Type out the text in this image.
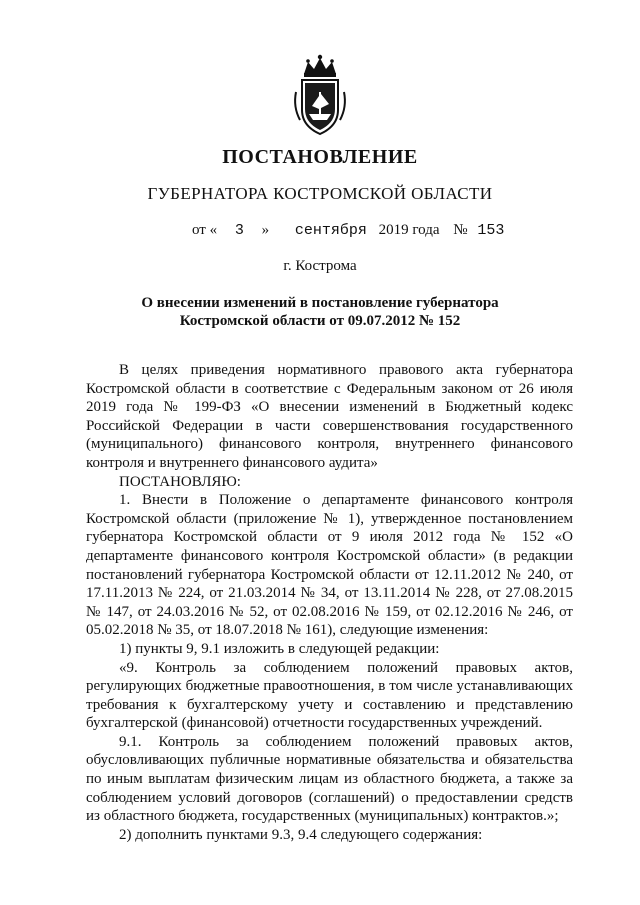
ПОСТАНОВЛЕНИЕ
ГУБЕРНАТОРА КОСТРОМСКОЙ ОБЛАСТИ
от « 3 » сентября 2019 года № 153
г. Кострома
О внесении изменений в постановление губернатора
Костромской области от 09.07.2012 № 152

В целях приведения нормативного правового акта губернатора Костромской области в соответствие с Федеральным законом от 26 июля 2019 года № 199-ФЗ «О внесении изменений в Бюджетный кодекс Российской Федерации в части совершенствования государственного (муниципального) финансового контроля, внутреннего финансового контроля и внутреннего финансового аудита»

ПОСТАНОВЛЯЮ:

1. Внести в Положение о департаменте финансового контроля Костромской области (приложение № 1), утвержденное постановлением губернатора Костромской области от 9 июля 2012 года № 152 «О департаменте финансового контроля Костромской области» (в редакции постановлений губернатора Костромской области от 12.11.2012 № 240, от 17.11.2013 № 224, от 21.03.2014 № 34, от 13.11.2014 № 228, от 27.08.2015 № 147, от 24.03.2016 № 52, от 02.08.2016 № 159, от 02.12.2016 № 246, от 05.02.2018 № 35, от 18.07.2018 № 161), следующие изменения:

1) пункты 9, 9.1 изложить в следующей редакции:

«9. Контроль за соблюдением положений правовых актов, регулирующих бюджетные правоотношения, в том числе устанавливающих требования к бухгалтерскому учету и составлению и представлению бухгалтерской (финансовой) отчетности государственных учреждений.

9.1. Контроль за соблюдением положений правовых актов, обусловливающих публичные нормативные обязательства и обязательства по иным выплатам физическим лицам из областного бюджета, а также за соблюдением условий договоров (соглашений) о предоставлении средств из областного бюджета, государственных (муниципальных) контрактов.»;

2) дополнить пунктами 9.3, 9.4 следующего содержания:
